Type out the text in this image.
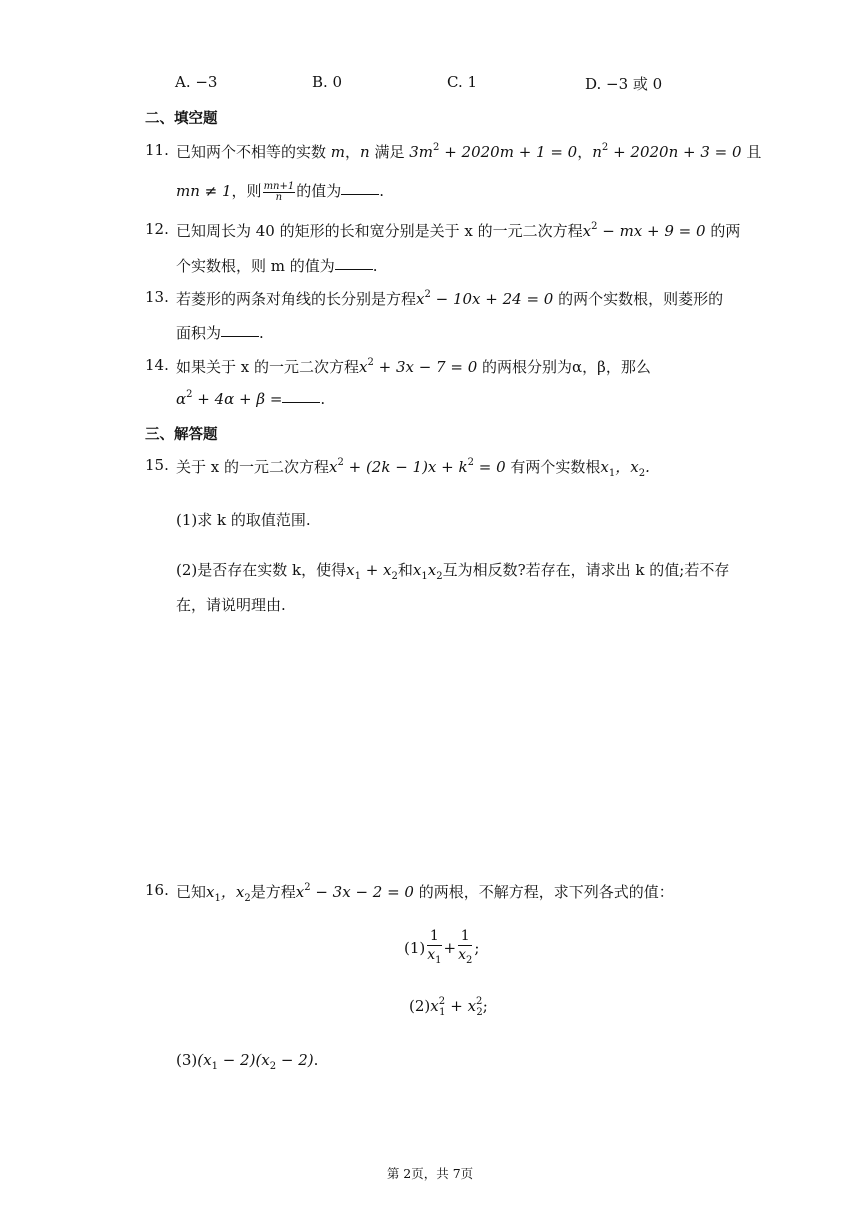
A. −3	B. 0	C. 1	D. −3 或 0
二、填空题
11. 已知两个不相等的实数 m，n 满足 $3m^2 + 2020m + 1 = 0$，$n^2 + 2020n + 3 = 0$ 且
mn ≠ 1，则 $\frac{mn+1}{n}$ 的值为	.
12. 已知周长为 40 的矩形的长和宽分别是关于 x 的一元二次方程$x^2$ − mx + 9 = 0 的两
个实数根，则 m 的值为	.
13. 若菱形的两条对角线的长分别是方程$x^2 - 10x + 24 = 0$ 的两个实数根，则菱形的
面积为	.
14. 如果关于 x 的一元二次方程$x^2 + 3x - 7 = 0$ 的两根分别为α，β，那么
$\alpha^2 + 4\alpha + \beta$ =	.
三、解答题
15. 关于 x 的一元二次方程$x^2 + (2k - 1)x + k^2 = 0$ 有两个实数根$x_1$，$x_2$.
(1)求 k 的取值范围.
(2)是否存在实数 k，使得$x_1 + x_2$和$x_1x_2$互为相反数?若存在，请求出 k 的值;若不存
在，请说明理由.
16. 已知$x_1$，$x_2$是方程$x^2 - 3x - 2 = 0$ 的两根，不解方程，求下列各式的值：
$(1) \frac{1}{x_1} + \frac{1}{x_2}$ ;
$(2)x^2_1 + x^2_2$;
$(3)(x_1 - 2)(x_2 - 2)$.
第 2页，共 7页
